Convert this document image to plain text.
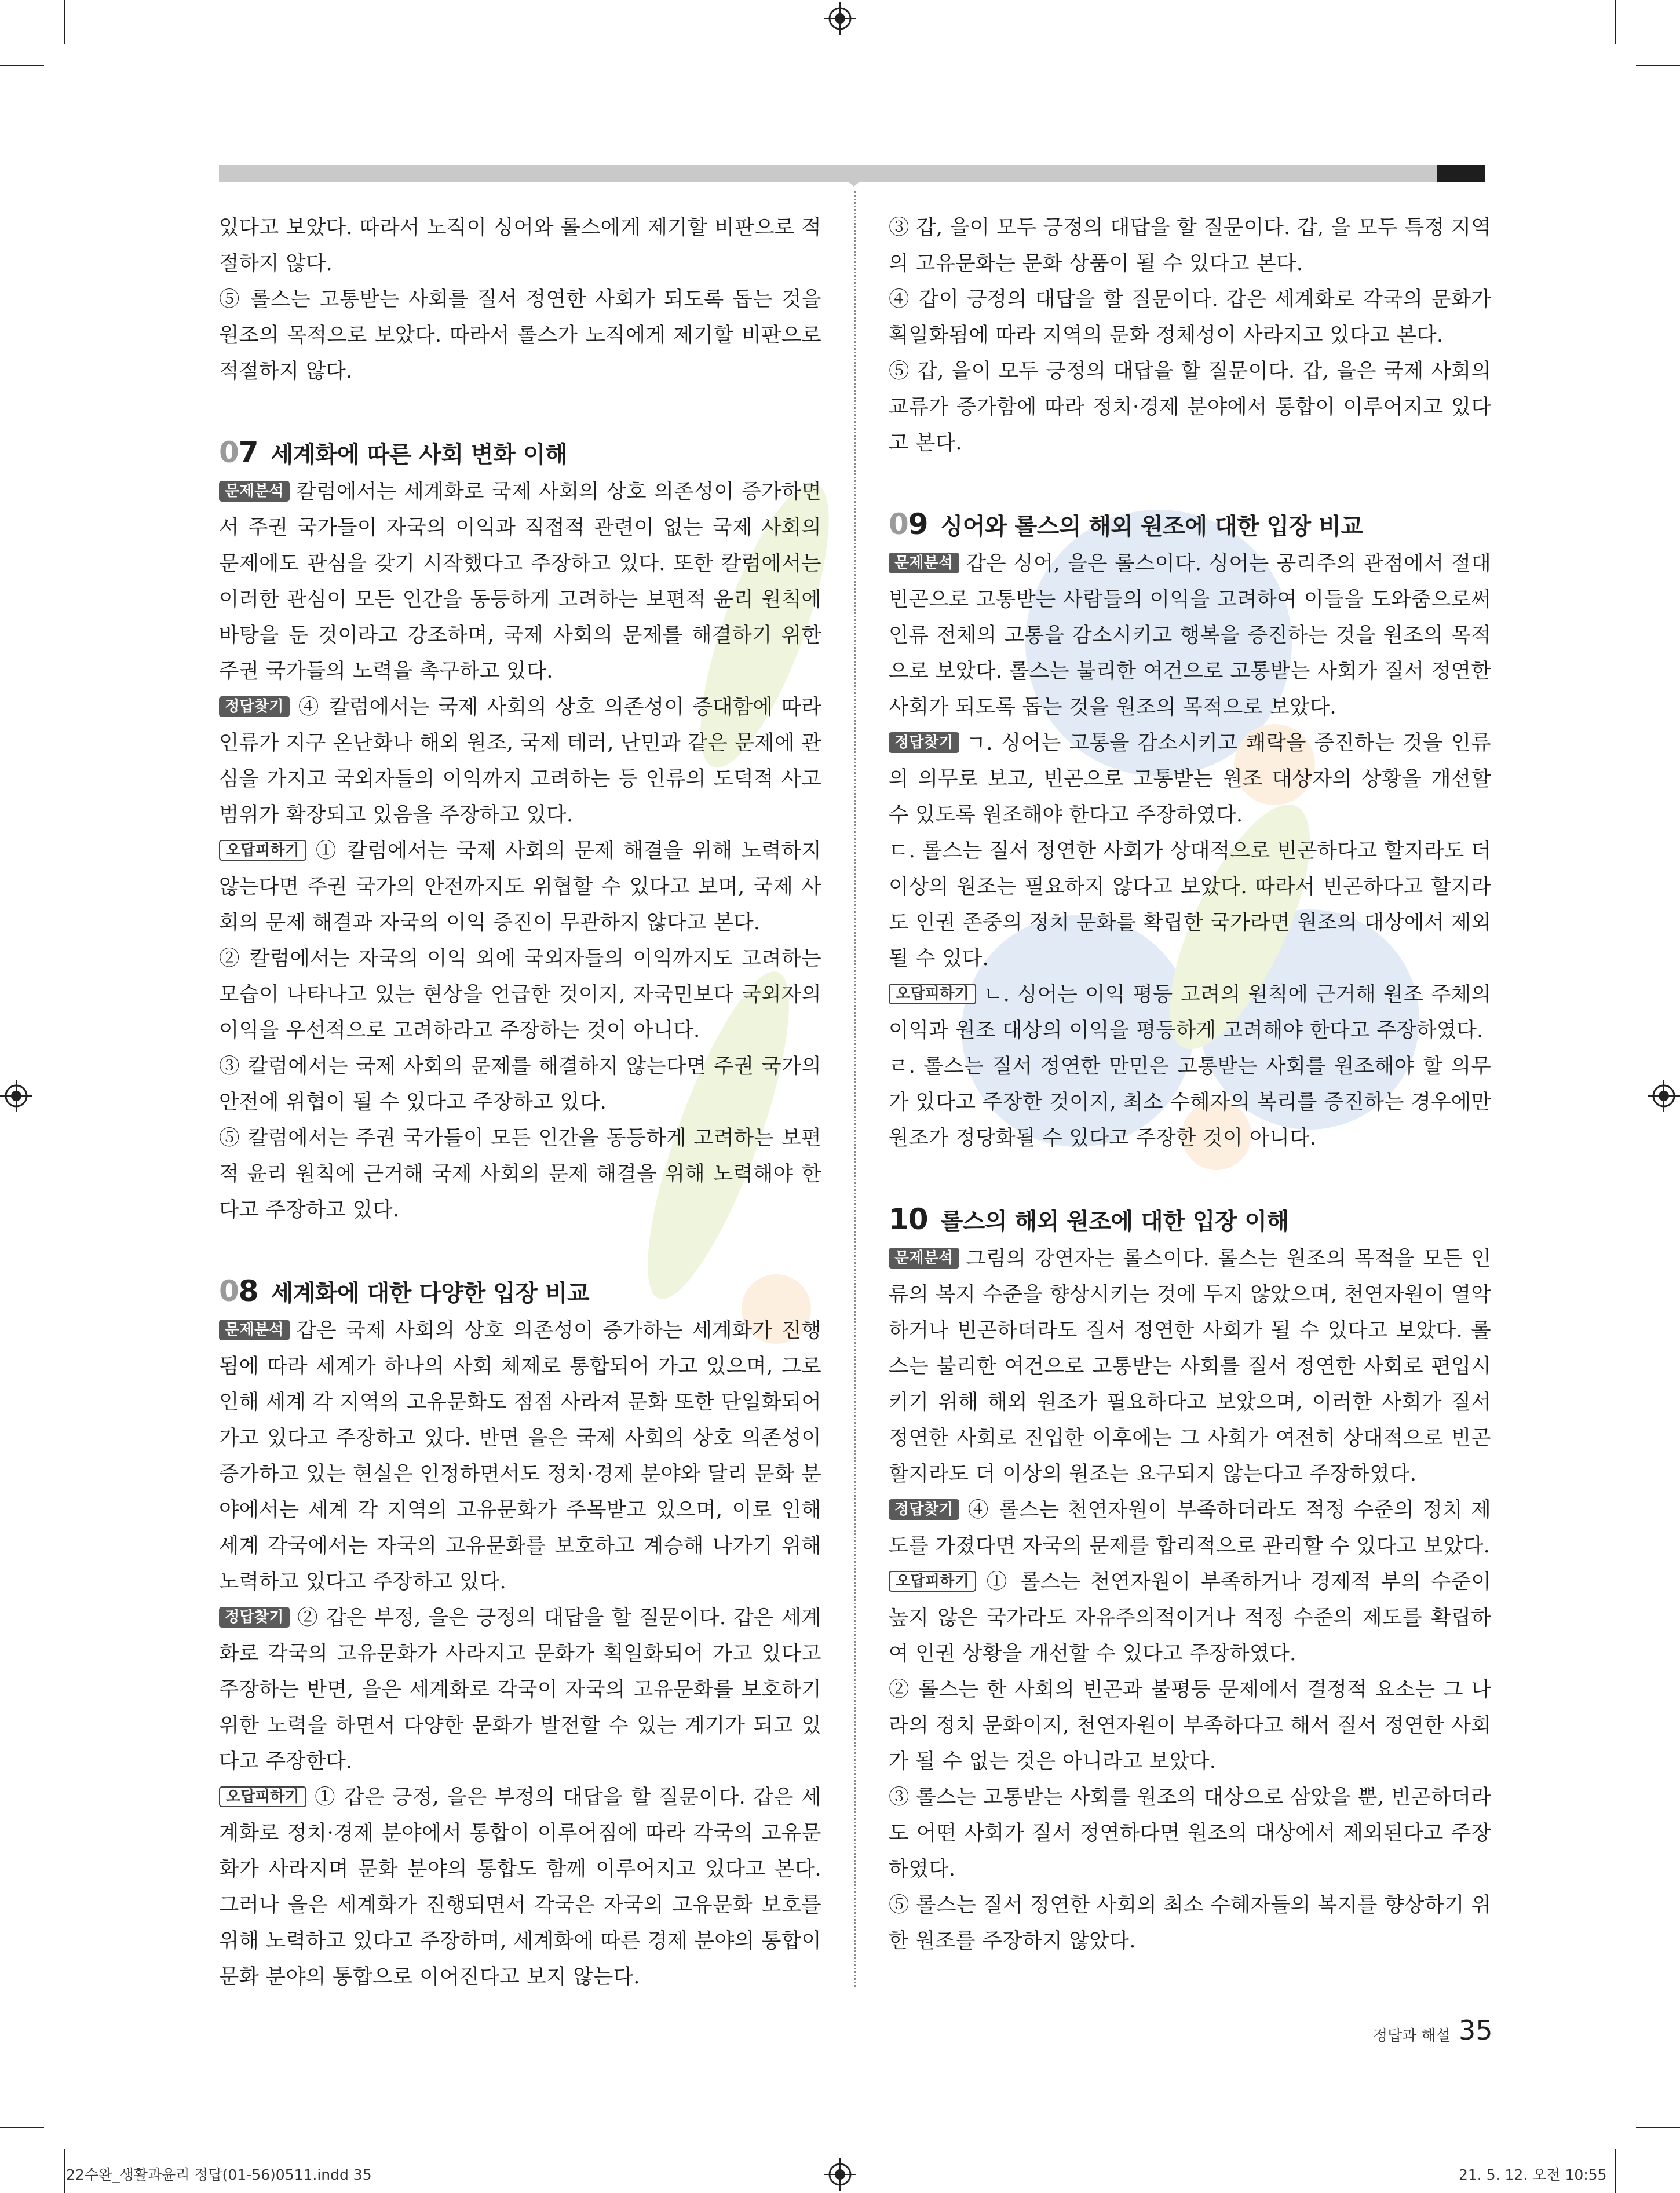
있다고 보았다. 따라서 노직이 싱어와 롤스에게 제기할 비판으로 적절하지 않다.

⑤ 롤스는 고통받는 사회를 질서 정연한 사회가 되도록 돕는 것을 원조의 목적으로 보았다. 따라서 롤스가 노직에게 제기할 비판으로 적절하지 않다.

07 세계화에 따른 사회 변화 이해

문제분석 칼럼에서는 세계화로 국제 사회의 상호 의존성이 증가하면서 주권 국가들이 자국의 이익과 직접적 관련이 없는 국제 사회의 문제에도 관심을 갖기 시작했다고 주장하고 있다. 또한 칼럼에서는 이러한 관심이 모든 인간을 동등하게 고려하는 보편적 윤리 원칙에 바탕을 둔 것이라고 강조하며, 국제 사회의 문제를 해결하기 위한 주권 국가들의 노력을 촉구하고 있다.

정답찾기 ④ 칼럼에서는 국제 사회의 상호 의존성이 증대함에 따라 인류가 지구 온난화나 해외 원조, 국제 테러, 난민과 같은 문제에 관심을 가지고 국외자들의 이익까지 고려하는 등 인류의 도덕적 사고 범위가 확장되고 있음을 주장하고 있다.

오답피하기 ① 칼럼에서는 국제 사회의 문제 해결을 위해 노력하지 않는다면 주권 국가의 안전까지도 위협할 수 있다고 보며, 국제 사회의 문제 해결과 자국의 이익 증진이 무관하지 않다고 본다.

② 칼럼에서는 자국의 이익 외에 국외자들의 이익까지도 고려하는 모습이 나타나고 있는 현상을 언급한 것이지, 자국민보다 국외자의 이익을 우선적으로 고려하라고 주장하는 것이 아니다.

③ 칼럼에서는 국제 사회의 문제를 해결하지 않는다면 주권 국가의 안전에 위협이 될 수 있다고 주장하고 있다.

⑤ 칼럼에서는 주권 국가들이 모든 인간을 동등하게 고려하는 보편적 윤리 원칙에 근거해 국제 사회의 문제 해결을 위해 노력해야 한다고 주장하고 있다.

08 세계화에 대한 다양한 입장 비교

문제분석 갑은 국제 사회의 상호 의존성이 증가하는 세계화가 진행됨에 따라 세계가 하나의 사회 체제로 통합되어 가고 있으며, 그로 인해 세계 각 지역의 고유문화도 점점 사라져 문화 또한 단일화되어 가고 있다고 주장하고 있다. 반면 을은 국제 사회의 상호 의존성이 증가하고 있는 현실은 인정하면서도 정치·경제 분야와 달리 문화 분야에서는 세계 각 지역의 고유문화가 주목받고 있으며, 이로 인해 세계 각국에서는 자국의 고유문화를 보호하고 계승해 나가기 위해 노력하고 있다고 주장하고 있다.

정답찾기 ② 갑은 부정, 을은 긍정의 대답을 할 질문이다. 갑은 세계화로 각국의 고유문화가 사라지고 문화가 획일화되어 가고 있다고 주장하는 반면, 을은 세계화로 각국이 자국의 고유문화를 보호하기 위한 노력을 하면서 다양한 문화가 발전할 수 있는 계기가 되고 있다고 주장한다.

오답피하기 ① 갑은 긍정, 을은 부정의 대답을 할 질문이다. 갑은 세계화로 정치·경제 분야에서 통합이 이루어짐에 따라 각국의 고유문화가 사라지며 문화 분야의 통합도 함께 이루어지고 있다고 본다. 그러나 을은 세계화가 진행되면서 각국은 자국의 고유문화 보호를 위해 노력하고 있다고 주장하며, 세계화에 따른 경제 분야의 통합이 문화 분야의 통합으로 이어진다고 보지 않는다.

③ 갑, 을이 모두 긍정의 대답을 할 질문이다. 갑, 을 모두 특정 지역의 고유문화는 문화 상품이 될 수 있다고 본다.

④ 갑이 긍정의 대답을 할 질문이다. 갑은 세계화로 각국의 문화가 획일화됨에 따라 지역의 문화 정체성이 사라지고 있다고 본다.

⑤ 갑, 을이 모두 긍정의 대답을 할 질문이다. 갑, 을은 국제 사회의 교류가 증가함에 따라 정치·경제 분야에서 통합이 이루어지고 있다고 본다.

09 싱어와 롤스의 해외 원조에 대한 입장 비교

문제분석 갑은 싱어, 을은 롤스이다. 싱어는 공리주의 관점에서 절대 빈곤으로 고통받는 사람들의 이익을 고려하여 이들을 도와줌으로써 인류 전체의 고통을 감소시키고 행복을 증진하는 것을 원조의 목적으로 보았다. 롤스는 불리한 여건으로 고통받는 사회가 질서 정연한 사회가 되도록 돕는 것을 원조의 목적으로 보았다.

정답찾기 ㄱ. 싱어는 고통을 감소시키고 쾌락을 증진하는 것을 인류의 의무로 보고, 빈곤으로 고통받는 원조 대상자의 상황을 개선할 수 있도록 원조해야 한다고 주장하였다.

ㄷ. 롤스는 질서 정연한 사회가 상대적으로 빈곤하다고 할지라도 더 이상의 원조는 필요하지 않다고 보았다. 따라서 빈곤하다고 할지라도 인권 존중의 정치 문화를 확립한 국가라면 원조의 대상에서 제외될 수 있다.

오답피하기 ㄴ. 싱어는 이익 평등 고려의 원칙에 근거해 원조 주체의 이익과 원조 대상의 이익을 평등하게 고려해야 한다고 주장하였다.

ㄹ. 롤스는 질서 정연한 만민은 고통받는 사회를 원조해야 할 의무가 있다고 주장한 것이지, 최소 수혜자의 복리를 증진하는 경우에만 원조가 정당화될 수 있다고 주장한 것이 아니다.

10 롤스의 해외 원조에 대한 입장 이해

문제분석 그림의 강연자는 롤스이다. 롤스는 원조의 목적을 모든 인류의 복지 수준을 향상시키는 것에 두지 않았으며, 천연자원이 열악하거나 빈곤하더라도 질서 정연한 사회가 될 수 있다고 보았다. 롤스는 불리한 여건으로 고통받는 사회를 질서 정연한 사회로 편입시키기 위해 해외 원조가 필요하다고 보았으며, 이러한 사회가 질서 정연한 사회로 진입한 이후에는 그 사회가 여전히 상대적으로 빈곤할지라도 더 이상의 원조는 요구되지 않는다고 주장하였다.

정답찾기 ④ 롤스는 천연자원이 부족하더라도 적정 수준의 정치 제도를 가졌다면 자국의 문제를 합리적으로 관리할 수 있다고 보았다.

오답피하기 ① 롤스는 천연자원이 부족하거나 경제적 부의 수준이 높지 않은 국가라도 자유주의적이거나 적정 수준의 제도를 확립하여 인권 상황을 개선할 수 있다고 주장하였다.

② 롤스는 한 사회의 빈곤과 불평등 문제에서 결정적 요소는 그 나라의 정치 문화이지, 천연자원이 부족하다고 해서 질서 정연한 사회가 될 수 없는 것은 아니라고 보았다.

③ 롤스는 고통받는 사회를 원조의 대상으로 삼았을 뿐, 빈곤하더라도 어떤 사회가 질서 정연하다면 원조의 대상에서 제외된다고 주장하였다.

⑤ 롤스는 질서 정연한 사회의 최소 수혜자들의 복지를 향상하기 위한 원조를 주장하지 않았다.

정답과 해설 35
22수완_생활과윤리 정답(01-56)0511.indd 35	21. 5. 12. 오전 10:55
